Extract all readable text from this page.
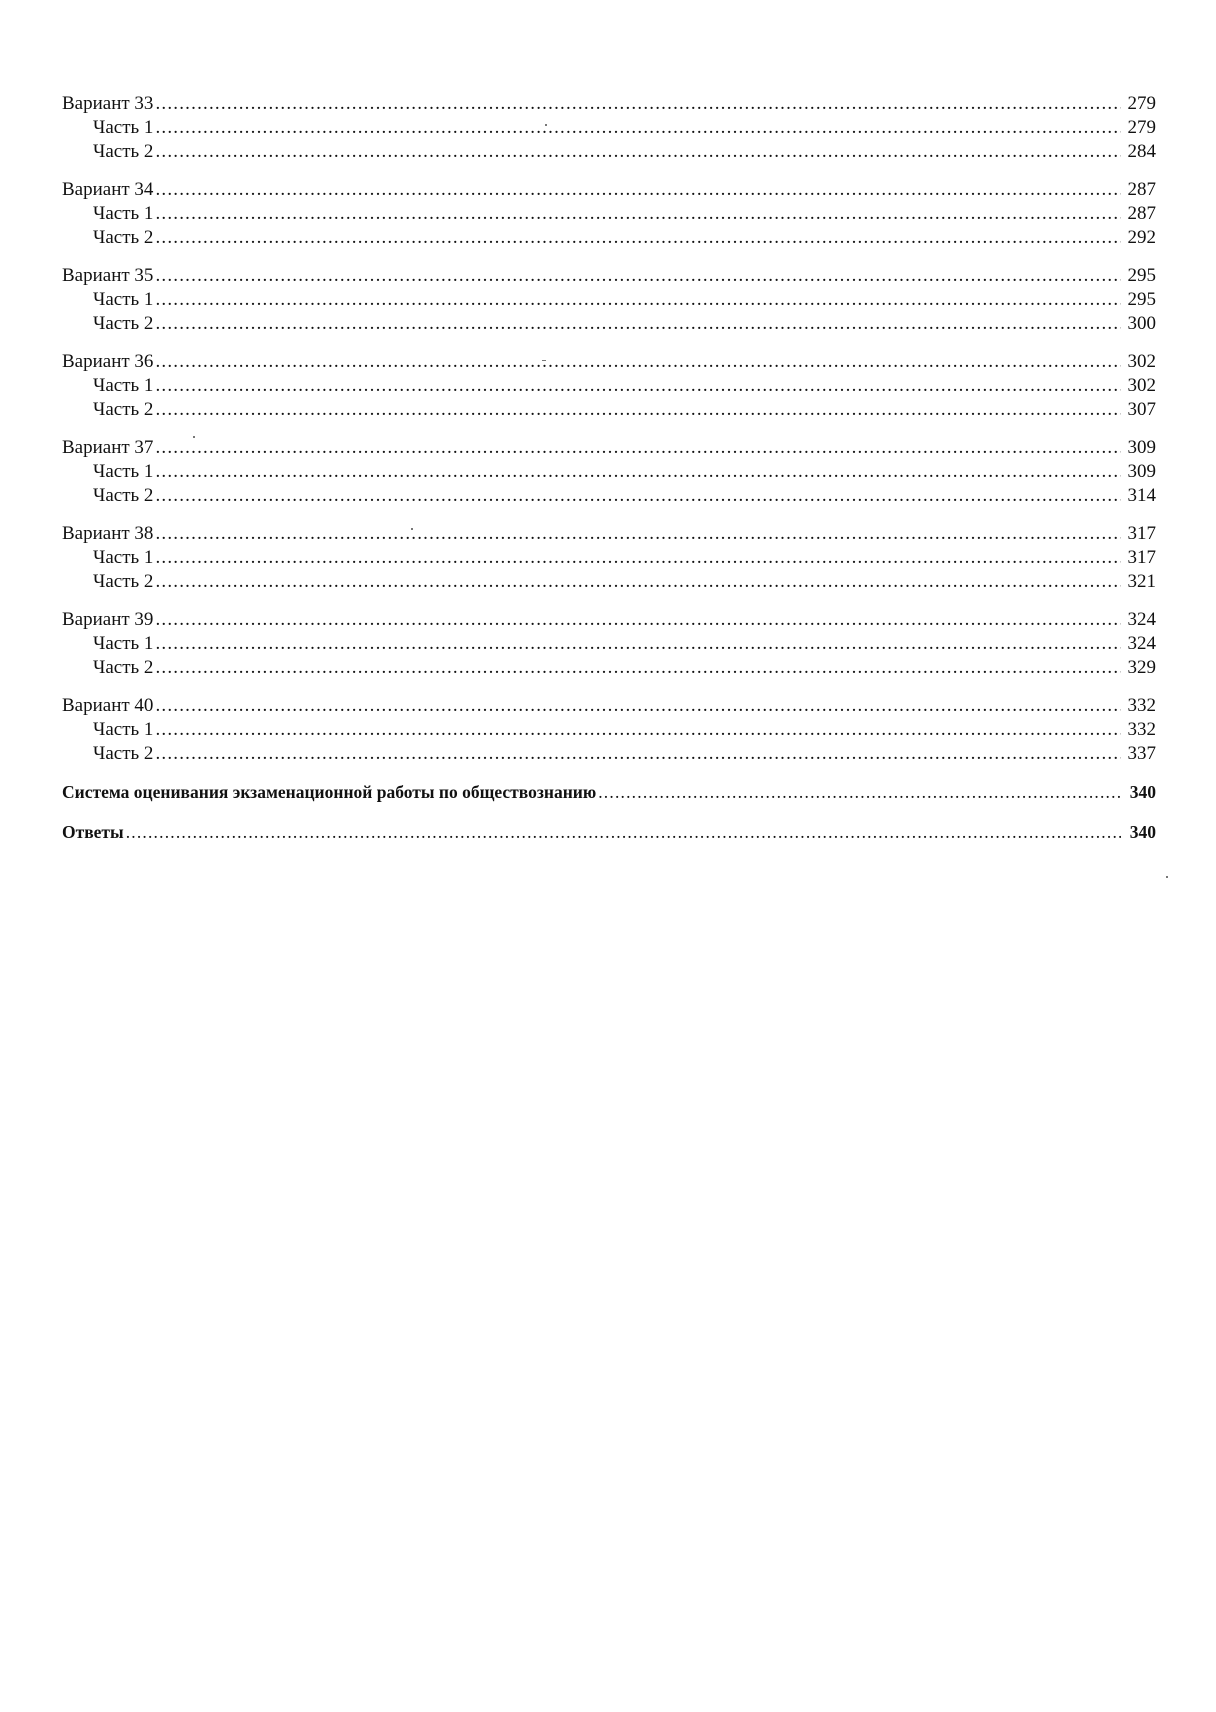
Вариант 33 .....	279
Часть 1 .....	279
Часть 2 .....	284
Вариант 34 .....	287
Часть 1 .....	287
Часть 2 .....	292
Вариант 35 .....	295
Часть 1 .....	295
Часть 2 .....	300
Вариант 36 .....	302
Часть 1 .....	302
Часть 2 .....	307
Вариант 37 .....	309
Часть 1 .....	309
Часть 2 .....	314
Вариант 38 .....	317
Часть 1 .....	317
Часть 2 .....	321
Вариант 39 .....	324
Часть 1 .....	324
Часть 2 .....	329
Вариант 40 .....	332
Часть 1 .....	332
Часть 2 .....	337
Система оценивания экзаменационной работы по обществознанию .....	340
Ответы .....	340
